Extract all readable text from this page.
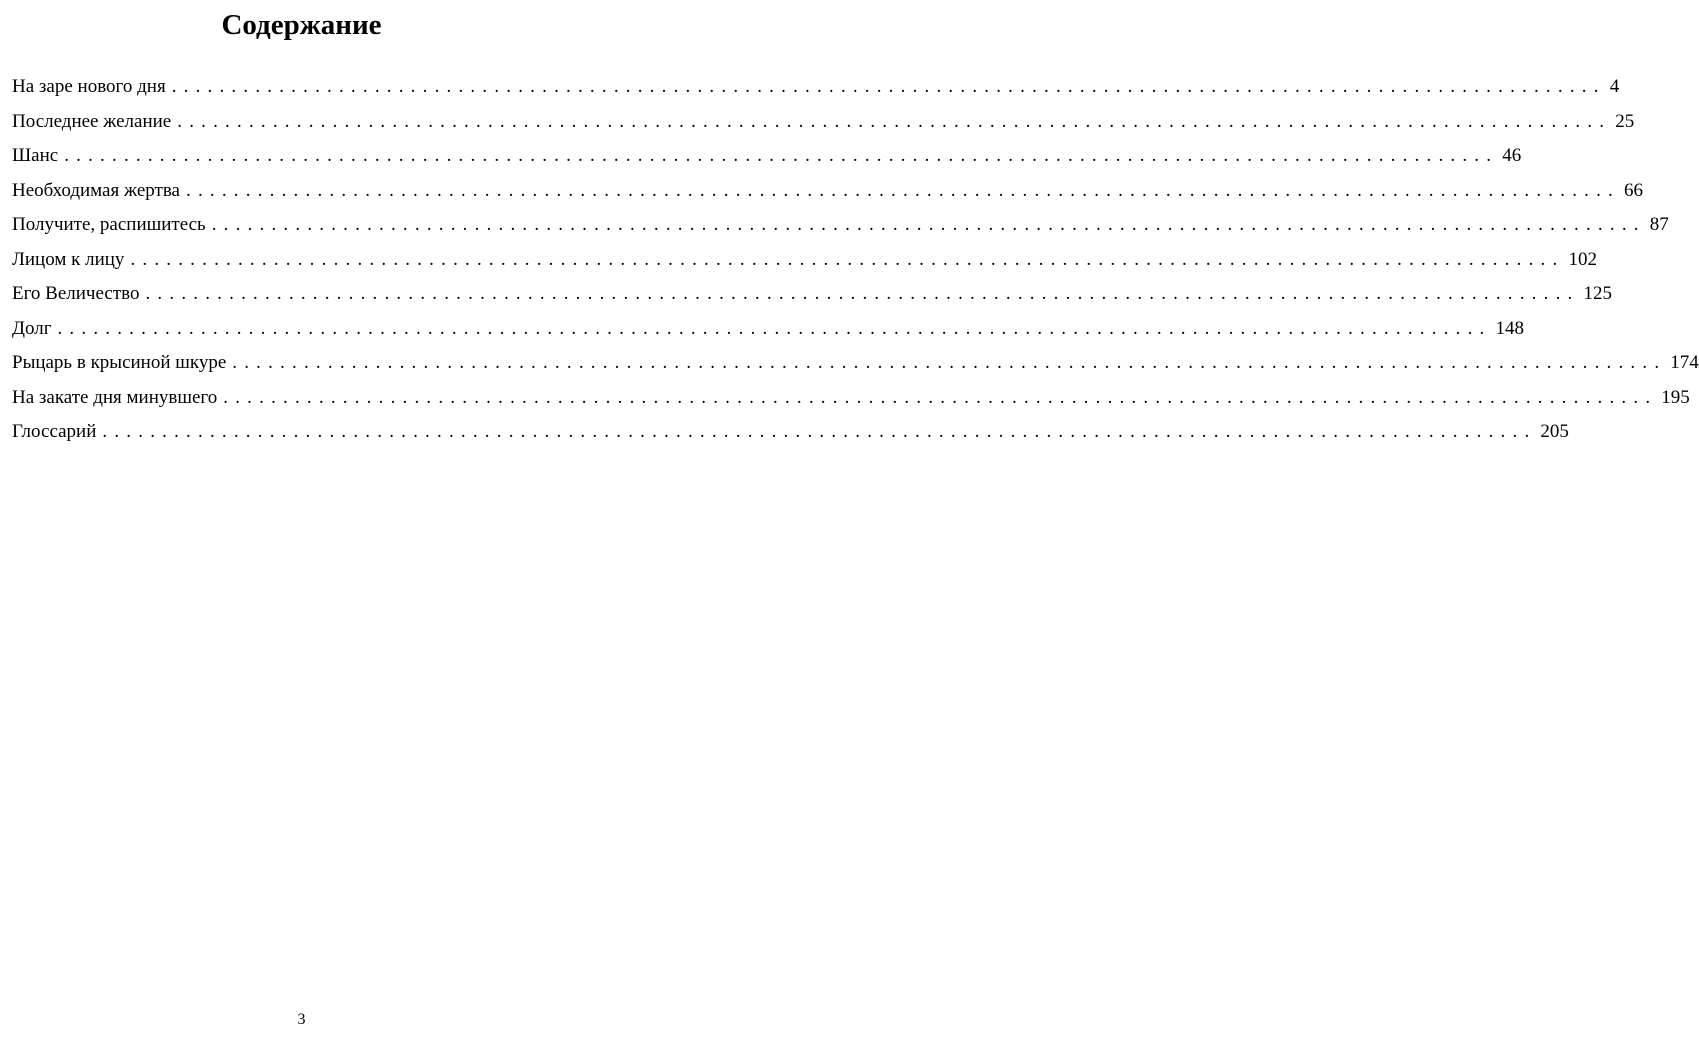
Содержание
На заре нового дня ........................................................................................................................ 4
Последнее желание ........................................................................................................................ 25
Шанс ........................................................................................................................ 46
Необходимая жертва ........................................................................................................................ 66
Получите, распишитесь ........................................................................................................................ 87
Лицом к лицу ........................................................................................................................ 102
Его Величество ........................................................................................................................ 125
Долг ........................................................................................................................ 148
Рыцарь в крысиной шкуре ........................................................................................................................ 174
На закате дня минувшего ........................................................................................................................ 195
Глоссарий ........................................................................................................................ 205
3
